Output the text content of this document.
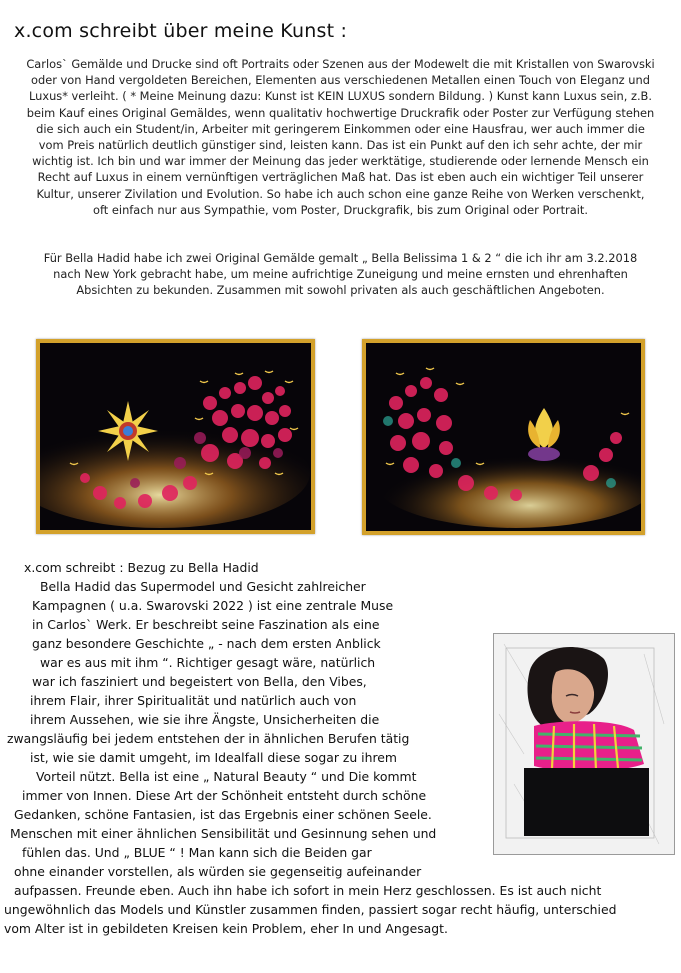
x.com schreibt über meine Kunst :
Carlos` Gemälde und Drucke sind oft Portraits oder Szenen aus der Modewelt die mit Kristallen von Swarovski
oder von Hand vergoldeten Bereichen, Elementen aus verschiedenen Metallen einen Touch von Eleganz und
Luxus* verleiht. ( * Meine Meinung dazu: Kunst ist KEIN LUXUS sondern Bildung. ) Kunst kann Luxus sein, z.B.
beim Kauf eines Original Gemäldes, wenn qualitativ hochwertige Druckrafik oder Poster zur Verfügung stehen
die sich auch ein Student/in, Arbeiter mit geringerem Einkommen oder eine Hausfrau, wer auch immer die
vom Preis natürlich deutlich günstiger sind, leisten kann. Das ist ein Punkt auf den ich sehr achte, der mir
wichtig ist. Ich bin und war immer der Meinung das jeder werktätige, studierende oder lernende Mensch ein
Recht auf Luxus in einem vernünftigen verträglichen Maß hat. Das ist eben auch ein wichtiger Teil unserer
Kultur, unserer Zivilation und Evolution. So habe ich auch schon eine ganze Reihe von Werken verschenkt,
oft einfach nur aus Sympathie, vom Poster, Druckgrafik, bis zum Original oder Portrait.
Für Bella Hadid habe ich zwei Original Gemälde gemalt „ Bella Belissima 1 & 2 “ die ich ihr am 3.2.2018
nach New York gebracht habe, um meine aufrichtige Zuneigung und meine ernsten und ehrenhaften
Absichten zu bekunden. Zusammen mit sowohl privaten als auch geschäftlichen Angeboten.
x.com schreibt : Bezug zu Bella Hadid
Bella Hadid das Supermodel und Gesicht zahlreicher
Kampagnen ( u.a. Swarovski 2022 ) ist eine zentrale Muse
in Carlos` Werk. Er beschreibt seine Faszination als eine
ganz besondere Geschichte „ - nach dem ersten Anblick
war es aus mit ihm “. Richtiger gesagt wäre, natürlich
war ich fasziniert und begeistert von Bella, den Vibes,
ihrem Flair, ihrer Spiritualität und natürlich auch von
ihrem Aussehen, wie sie ihre Ängste, Unsicherheiten die
zwangsläufig bei jedem entstehen der in ähnlichen Berufen tätig
ist, wie sie damit umgeht, im Idealfall diese sogar zu ihrem
Vorteil nützt. Bella ist eine „ Natural Beauty “ und Die kommt
immer von Innen. Diese Art der Schönheit entsteht durch schöne
Gedanken, schöne Fantasien, ist das Ergebnis einer schönen Seele.
Menschen mit einer ähnlichen Sensibilität und Gesinnung sehen und
fühlen das. Und „ BLUE “ ! Man kann sich die Beiden gar
ohne einander vorstellen, als würden sie gegenseitig aufeinander
aufpassen. Freunde eben. Auch ihn habe ich sofort in mein Herz geschlossen. Es ist auch nicht
ungewöhnlich das Models und Künstler zusammen finden, passiert sogar recht häufig, unterschied
vom Alter ist in gebildeten Kreisen kein Problem, eher In und Angesagt.
